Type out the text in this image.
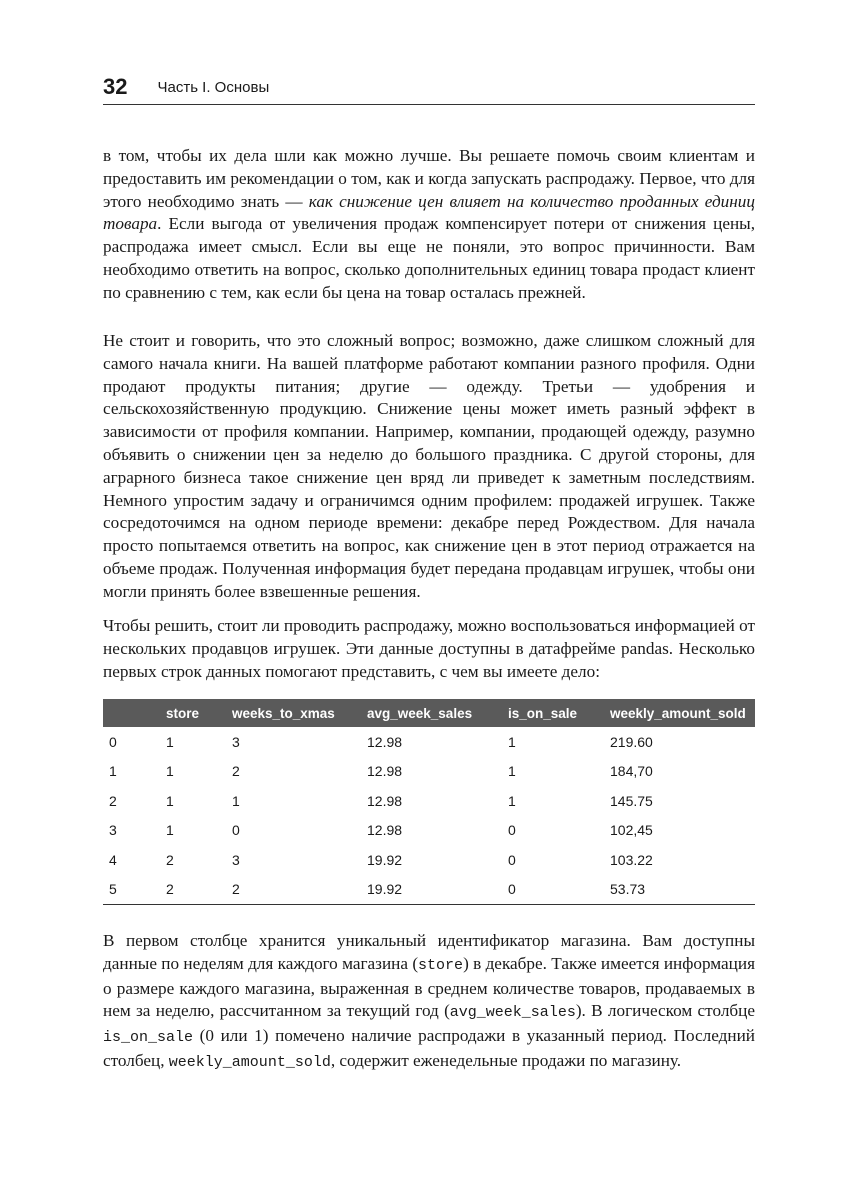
32 Часть I. Основы

в том, чтобы их дела шли как можно лучше. Вы решаете помочь своим клиентам и предоставить им рекомендации о том, как и когда запускать распродажу. Первое, что для этого необходимо знать — как снижение цен влияет на количество проданных единиц товара. Если выгода от увеличения продаж компенсирует потери от снижения цены, распродажа имеет смысл. Если вы еще не поняли, это вопрос причинности. Вам необходимо ответить на вопрос, сколько дополнительных единиц товара продаст клиент по сравнению с тем, как если бы цена на товар осталась прежней.

Не стоит и говорить, что это сложный вопрос; возможно, даже слишком сложный для самого начала книги. На вашей платформе работают компании разного профиля. Одни продают продукты питания; другие — одежду. Третьи — удобрения и сельскохозяйственную продукцию. Снижение цены может иметь разный эффект в зависимости от профиля компании. Например, компании, продающей одежду, разумно объявить о снижении цен за неделю до большого праздника. С другой стороны, для аграрного бизнеса такое снижение цен вряд ли приведет к заметным последствиям. Немного упростим задачу и ограничимся одним профилем: продажей игрушек. Также сосредоточимся на одном периоде времени: декабре перед Рождеством. Для начала просто попытаемся ответить на вопрос, как снижение цен в этот период отражается на объеме продаж. Полученная информация будет передана продавцам игрушек, чтобы они могли принять более взвешенные решения.

Чтобы решить, стоит ли проводить распродажу, можно воспользоваться информацией от нескольких продавцов игрушек. Эти данные доступны в датафрейме pandas. Несколько первых строк данных помогают представить, с чем вы имеете дело:

	store	weeks_to_xmas	avg_week_sales	is_on_sale	weekly_amount_sold
0	1	3	12.98	1	219.60
1	1	2	12.98	1	184,70
2	1	1	12.98	1	145.75
3	1	0	12.98	0	102,45
4	2	3	19.92	0	103.22
5	2	2	19.92	0	53.73

В первом столбце хранится уникальный идентификатор магазина. Вам доступны данные по неделям для каждого магазина (store) в декабре. Также имеется информация о размере каждого магазина, выраженная в среднем количестве товаров, продаваемых в нем за неделю, рассчитанном за текущий год (avg_week_sales). В логическом столбце is_on_sale (0 или 1) помечено наличие распродажи в указанный период. Последний столбец, weekly_amount_sold, содержит еженедельные продажи по магазину.
